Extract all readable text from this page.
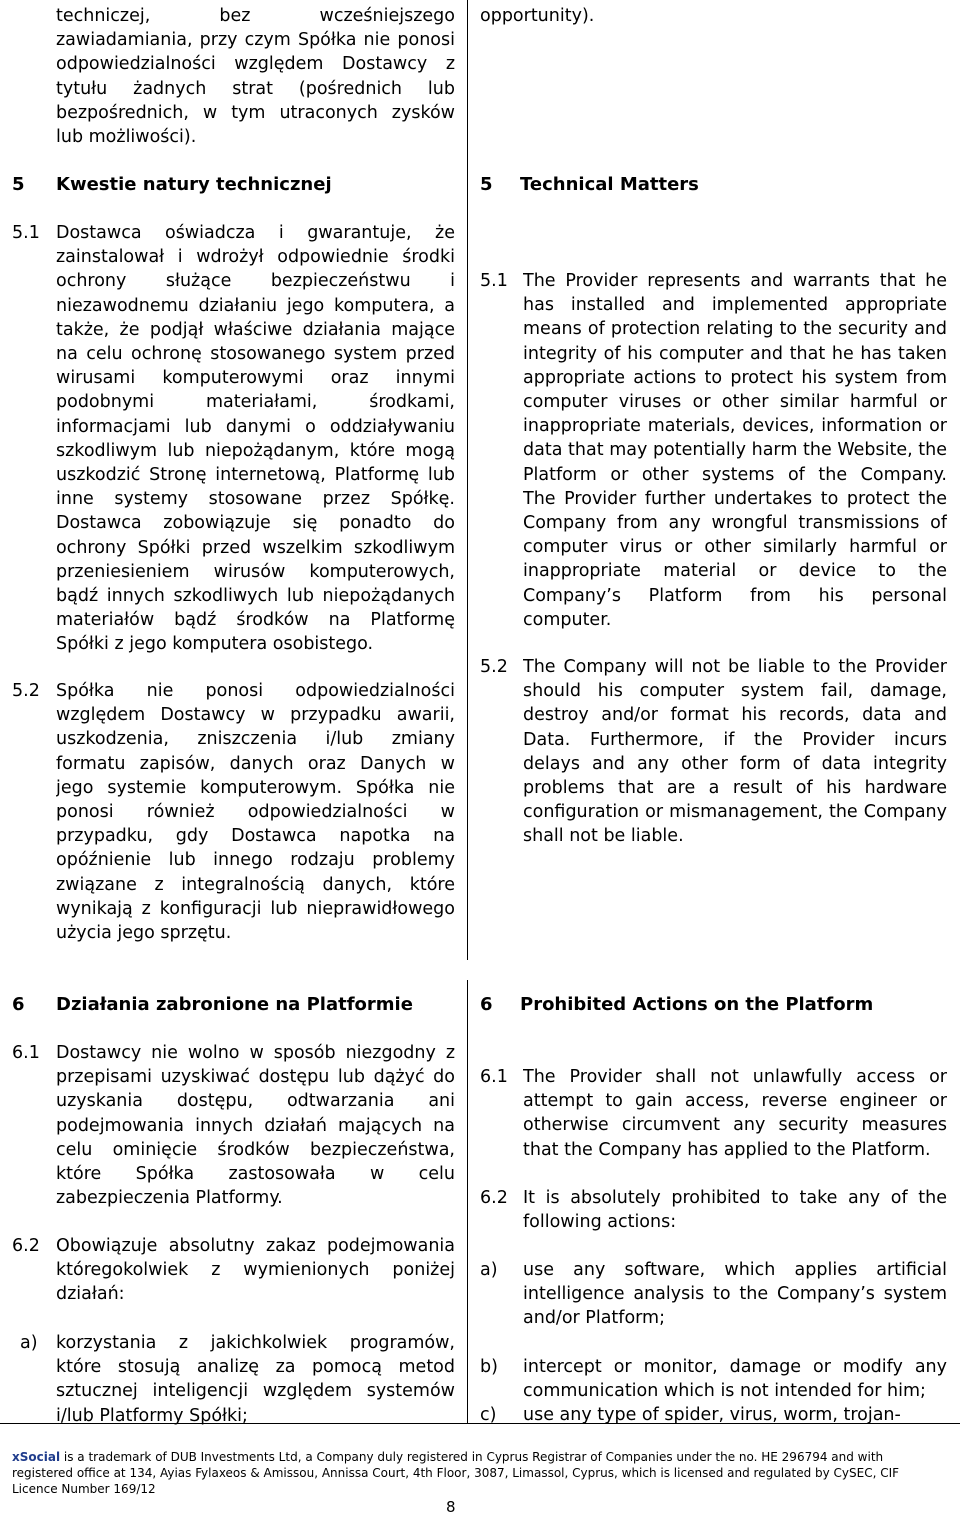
techniczej, bez wcześniejszego
zawiadamiania, przy czym Spółka nie ponosi
odpowiedzialności względem Dostawcy z
tytułu żadnych strat (pośrednich lub
bezpośrednich, w tym utraconych zysków
lub możliwości).
5 Kwestie natury technicznej
5.1 Dostawca oświadcza i gwarantuje, że
zainstalował i wdrożył odpowiednie środki
ochrony służące bezpieczeństwu i
niezawodnemu działaniu jego komputera, a
także, że podjął właściwe działania mające
na celu ochronę stosowanego system przed
wirusami komputerowymi oraz innymi
podobnymi materiałami, środkami,
informacjami lub danymi o oddziaływaniu
szkodliwym lub niepożądanym, które mogą
uszkodzić Stronę internetową, Platformę lub
inne systemy stosowane przez Spółkę.
Dostawca zobowiązuje się ponadto do
ochrony Spółki przed wszelkim szkodliwym
przeniesieniem wirusów komputerowych,
bądź innych szkodliwych lub niepożądanych
materiałów bądź środków na Platformę
Spółki z jego komputera osobistego.
5.2 Spółka nie ponosi odpowiedzialności
względem Dostawcy w przypadku awarii,
uszkodzenia, zniszczenia i/lub zmiany
formatu zapisów, danych oraz Danych w
jego systemie komputerowym. Spółka nie
ponosi również odpowiedzialności w
przypadku, gdy Dostawca napotka na
opóźnienie lub innego rodzaju problemy
związane z integralnością danych, które
wynikają z konfiguracji lub nieprawidłowego
użycia jego sprzętu.
6 Działania zabronione na Platformie
6.1 Dostawcy nie wolno w sposób niezgodny z
przepisami uzyskiwać dostępu lub dążyć do
uzyskania dostępu, odtwarzania ani
podejmowania innych działań mających na
celu ominięcie środków bezpieczeństwa,
które Spółka zastosowała w celu
zabezpieczenia Platformy.
6.2 Obowiązuje absolutny zakaz podejmowania
któregokolwiek z wymienionych poniżej
działań:
a) korzystania z jakichkolwiek programów,
które stosują analizę za pomocą metod
sztucznej inteligencji względem systemów
i/lub Platformy Spółki;
opportunity).
5 Technical Matters
5.1 The Provider represents and warrants that he
has installed and implemented appropriate
means of protection relating to the security and
integrity of his computer and that he has taken
appropriate actions to protect his system from
computer viruses or other similar harmful or
inappropriate materials, devices, information or
data that may potentially harm the Website, the
Platform or other systems of the Company.
The Provider further undertakes to protect the
Company from any wrongful transmissions of
computer virus or other similarly harmful or
inappropriate material or device to the
Company’s Platform from his personal
computer.
5.2 The Company will not be liable to the Provider
should his computer system fail, damage,
destroy and/or format his records, data and
Data. Furthermore, if the Provider incurs
delays and any other form of data integrity
problems that are a result of his hardware
configuration or mismanagement, the Company
shall not be liable.
6 Prohibited Actions on the Platform
6.1 The Provider shall not unlawfully access or
attempt to gain access, reverse engineer or
otherwise circumvent any security measures
that the Company has applied to the Platform.
6.2 It is absolutely prohibited to take any of the
following actions:
a) use any software, which applies artificial
intelligence analysis to the Company’s system
and/or Platform;
b) intercept or monitor, damage or modify any
communication which is not intended for him;
c) use any type of spider, virus, worm, trojan-
xSocial is a trademark of DUB Investments Ltd, a Company duly registered in Cyprus Registrar of Companies under the no. HE 296794 and with
registered office at 134, Ayias Fylaxeos & Amissou, Annissa Court, 4th Floor, 3087, Limassol, Cyprus, which is licensed and regulated by CySEC, CIF
Licence Number 169/12
8
